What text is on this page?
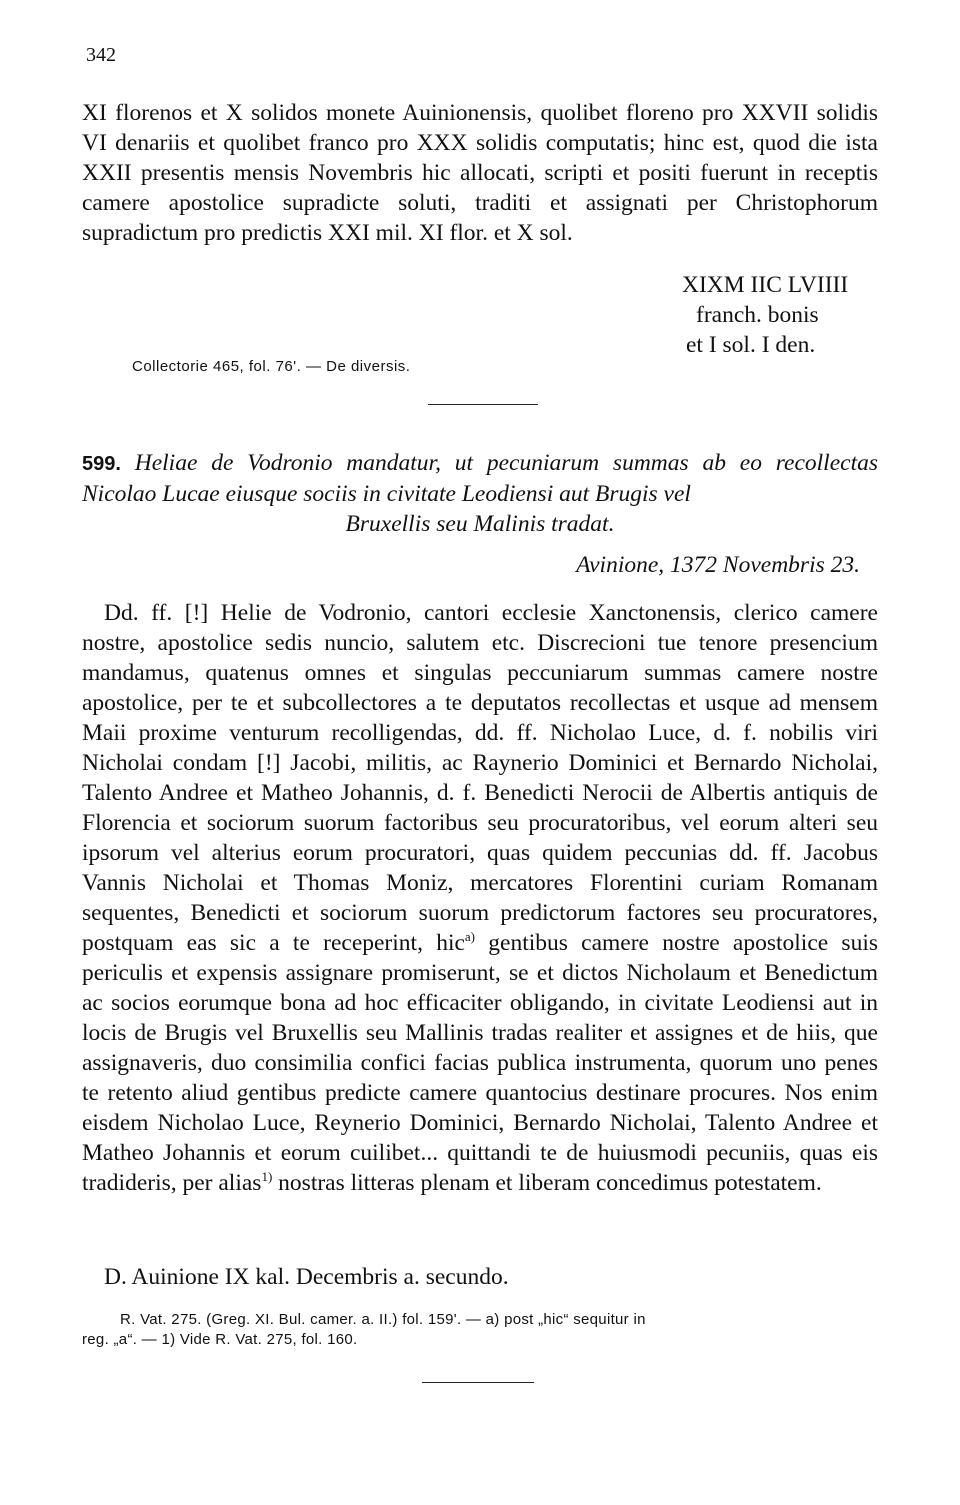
342

XI florenos et X solidos monete Auinionensis, quolibet floreno pro XXVII solidis VI denariis et quolibet franco pro XXX solidis computatis; hinc est, quod die ista XXII presentis mensis Novembris hic allocati, scripti et positi fuerunt in receptis camere apostolice supradicte soluti, traditi et assignati per Christophorum supradictum pro predictis XXI mil. XI flor. et X sol.

XIXM IIC LVIIII
franch. bonis
et I sol. I den.
Collectorie 465, fol. 76'. — De diversis.
599. Heliae de Vodronio mandatur, ut pecuniarum summas ab eo recollectas Nicolao Lucae eiusque sociis in civitate Leodiensi aut Brugis vel
Bruxellis seu Malinis tradat.
Avinione, 1372 Novembris 23.

Dd. ff. [!] Helie de Vodronio, cantori ecclesie Xanctonensis, clerico camere nostre, apostolice sedis nuncio, salutem etc. Discrecioni tue tenore presencium mandamus, quatenus omnes et singulas peccuniarum summas camere nostre apostolice, per te et subcollectores a te deputatos recollectas et usque ad mensem Maii proxime venturum recolligendas, dd. ff. Nicholao Luce, d. f. nobilis viri Nicholai condam [!] Jacobi, militis, ac Raynerio Dominici et Bernardo Nicholai, Talento Andree et Matheo Johannis, d. f. Benedicti Nerocii de Albertis antiquis de Florencia et sociorum suorum factoribus seu procuratoribus, vel eorum alteri seu ipsorum vel alterius eorum procuratori, quas quidem peccunias dd. ff. Jacobus Vannis Nicholai et Thomas Moniz, mercatores Florentini curiam Romanam sequentes, Benedicti et sociorum suorum predictorum factores seu procuratores, postquam eas sic a te receperint, hic$^{a)}$ gentibus camere nostre apostolice suis periculis et expensis assignare promiserunt, se et dictos Nicholaum et Benedictum ac socios eorumque bona ad hoc efficaciter obligando, in civitate Leodiensi aut in locis de Brugis vel Bruxellis seu Mallinis tradas realiter et assignes et de hiis, que assignaveris, duo consimilia confici facias publica instrumenta, quorum uno penes te retento aliud gentibus predicte camere quantocius destinare procures. Nos enim eisdem Nicholao Luce, Reynerio Dominici, Bernardo Nicholai, Talento Andree et Matheo Johannis et eorum cuilibet... quittandi te de huiusmodi pecuniis, quas eis tradideris, per alias$^{1)}$ nostras litteras plenam et liberam concedimus potestatem.

D. Auinione IX kal. Decembris a. secundo.
R. Vat. 275. (Greg. XI. Bul. camer. a. II.) fol. 159'. — a) post „hic“ sequitur in
reg. „a“. — 1) Vide R. Vat. 275, fol. 160.
